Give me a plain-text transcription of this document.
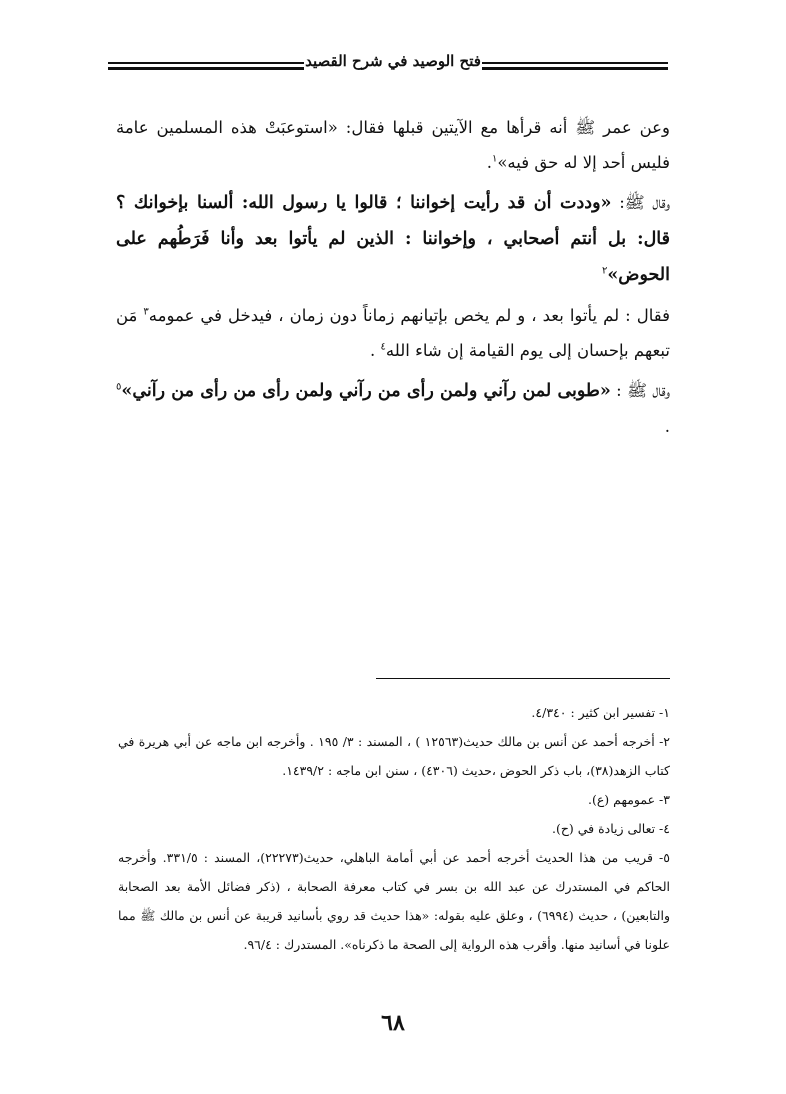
فتح الوصيد في شرح القصيد

وعن عمر ﷺ أنه قرأها مع الآيتين قبلها فقال: «استوعبَتْ هذه المسلمين عامة فليس أحد إلا له حق فيه»$^١$.

وقال ﷺ: «وددت أن قد رأيت إخواننا ؛ قالوا يا رسول الله: ألسنا بإخوانك ؟ قال: بل أنتم أصحابي ، وإخواننا : الذين لم يأتوا بعد وأنا فَرَطُهم على الحوض»$^٢$

فقال : لم يأتوا بعد ، و لم يخص بإتيانهم زماناً دون زمان ، فيدخل في عمومه$^٣$ مَن تبعهم بإحسان إلى يوم القيامة إن شاء الله$^٤$ .

وقال ﷺ : «طوبى لمن رآني ولمن رأى من رآني ولمن رأى من رأى من رآني»$^٥$ .

١- تفسير ابن كثير : ٤/٣٤٠.

٢- أخرجه أحمد عن أنس بن مالك حديث(١٢٥٦٣ ) ، المسند : ٣/ ١٩٥ . وأخرجه ابن ماجه عن أبي هريرة في كتاب الزهد(٣٨)، باب ذكر الحوض ،حديث (٤٣٠٦) ، سنن ابن ماجه : ١٤٣٩/٢.

٣- عمومهم (ع).

٤- تعالى زيادة في (ح).

٥- قريب من هذا الحديث أخرجه أحمد عن أبي أمامة الباهلي، حديث(٢٢٢٧٣)، المسند : ٣٣١/٥. وأخرجه الحاكم في المستدرك عن عبد الله بن بسر في كتاب معرفة الصحابة ، (ذكر فضائل الأمة بعد الصحابة والتابعين) ، حديث (٦٩٩٤) ، وعلق عليه بقوله: «هذا حديث قد روي بأسانيد قريبة عن أنس بن مالك ﷺ مما علونا في أسانيد منها. وأقرب هذه الرواية إلى الصحة ما ذكرناه». المستدرك : ٩٦/٤.

٦٨
